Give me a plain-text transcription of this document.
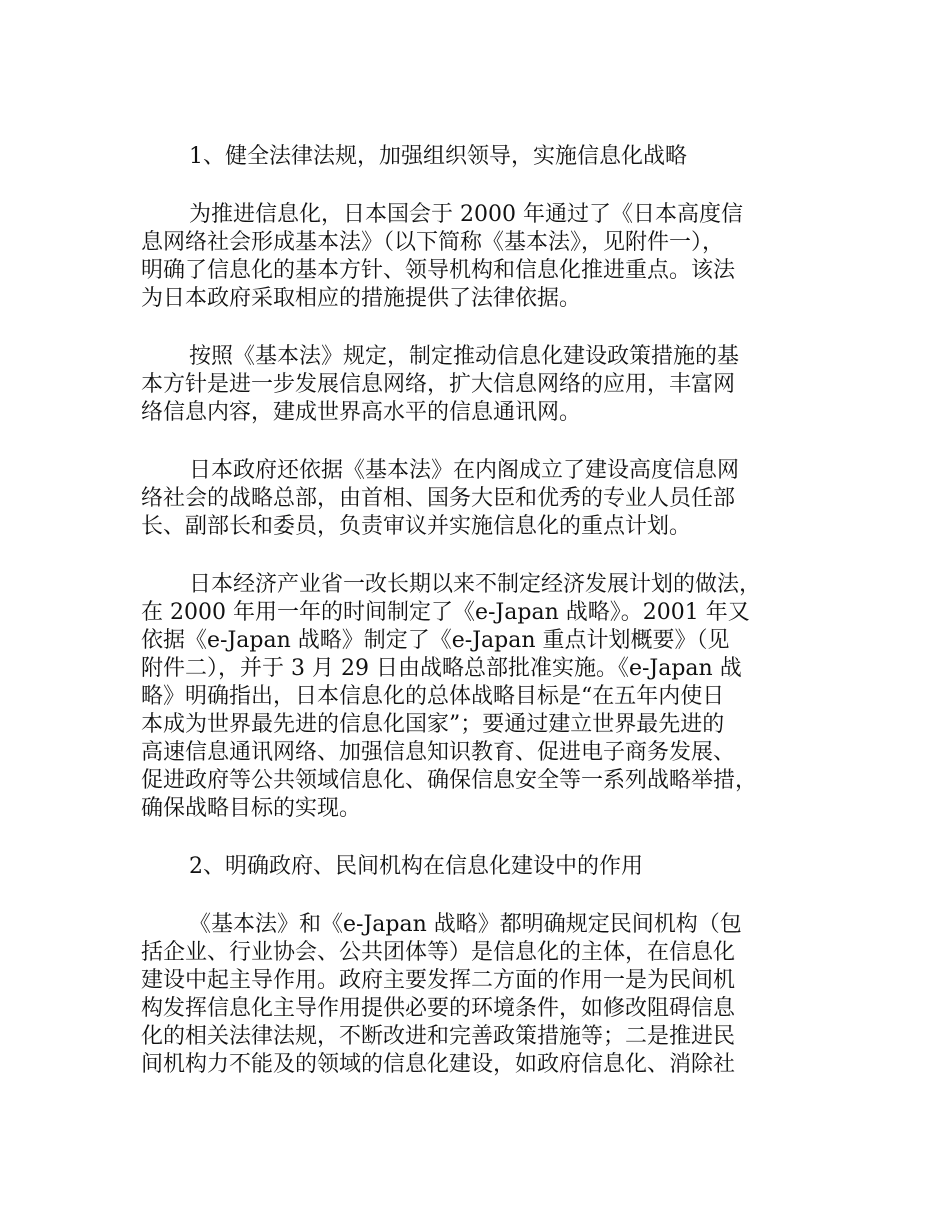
1、健全法律法规，加强组织领导，实施信息化战略
为推进信息化，日本国会于 2000 年通过了《日本高度信
息网络社会形成基本法》（以下简称《基本法》，见附件一），
明确了信息化的基本方针、领导机构和信息化推进重点。该法
为日本政府采取相应的措施提供了法律依据。
按照《基本法》规定，制定推动信息化建设政策措施的基
本方针是进一步发展信息网络，扩大信息网络的应用，丰富网
络信息内容，建成世界高水平的信息通讯网。
日本政府还依据《基本法》在内阁成立了建设高度信息网
络社会的战略总部，由首相、国务大臣和优秀的专业人员任部
长、副部长和委员，负责审议并实施信息化的重点计划。
日本经济产业省一改长期以来不制定经济发展计划的做法，
在 2000 年用一年的时间制定了《e-Japan 战略》。2001 年又
依据《e-Japan 战略》制定了《e-Japan 重点计划概要》（见
附件二），并于 3 月 29 日由战略总部批准实施。《e-Japan 战
略》明确指出，日本信息化的总体战略目标是“在五年内使日
本成为世界最先进的信息化国家”；要通过建立世界最先进的
高速信息通讯网络、加强信息知识教育、促进电子商务发展、
促进政府等公共领域信息化、确保信息安全等一系列战略举措，
确保战略目标的实现。
2、明确政府、民间机构在信息化建设中的作用
《基本法》和《e-Japan 战略》都明确规定民间机构（包
括企业、行业协会、公共团体等）是信息化的主体，在信息化
建设中起主导作用。政府主要发挥二方面的作用一是为民间机
构发挥信息化主导作用提供必要的环境条件，如修改阻碍信息
化的相关法律法规，不断改进和完善政策措施等；二是推进民
间机构力不能及的领域的信息化建设，如政府信息化、消除社
